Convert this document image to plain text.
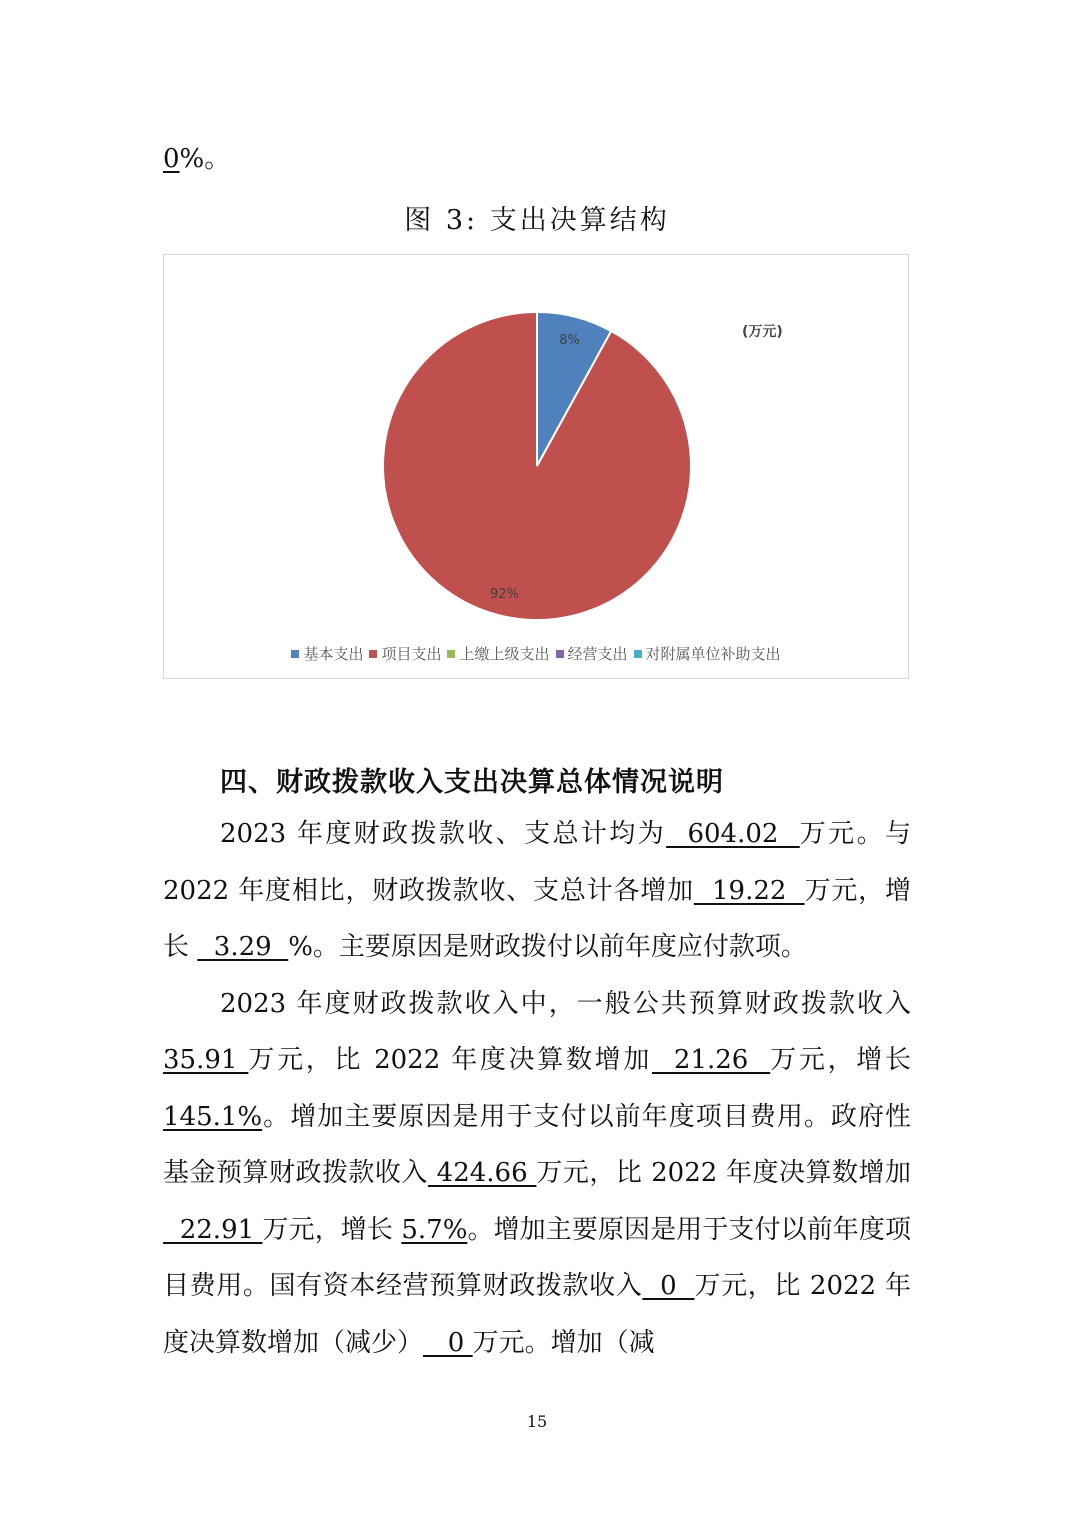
0%。
图 3: 支出决算结构
8%
92%
(万元)
基本支出 项目支出 上缴上级支出 经营支出 对附属单位补助支出
四、财政拨款收入支出决算总体情况说明

2023 年度财政拨款收、支总计均为  604.02  万元。与 2022 年度相比，财政拨款收、支总计各增加  19.22  万元，增长   3.29  %。主要原因是财政拨付以前年度应付款项。

2023 年度财政拨款收入中，一般公共预算财政拨款收入35.91 万元，比 2022 年度决算数增加  21.26  万元，增长145.1%。增加主要原因是用于支付以前年度项目费用。政府性基金预算财政拨款收入 424.66 万元，比 2022 年度决算数增加  22.91 万元，增长 5.7%。增加主要原因是用于支付以前年度项目费用。国有资本经营预算财政拨款收入  0  万元，比 2022 年度决算数增加（减少）   0 万元。增加（减

15
